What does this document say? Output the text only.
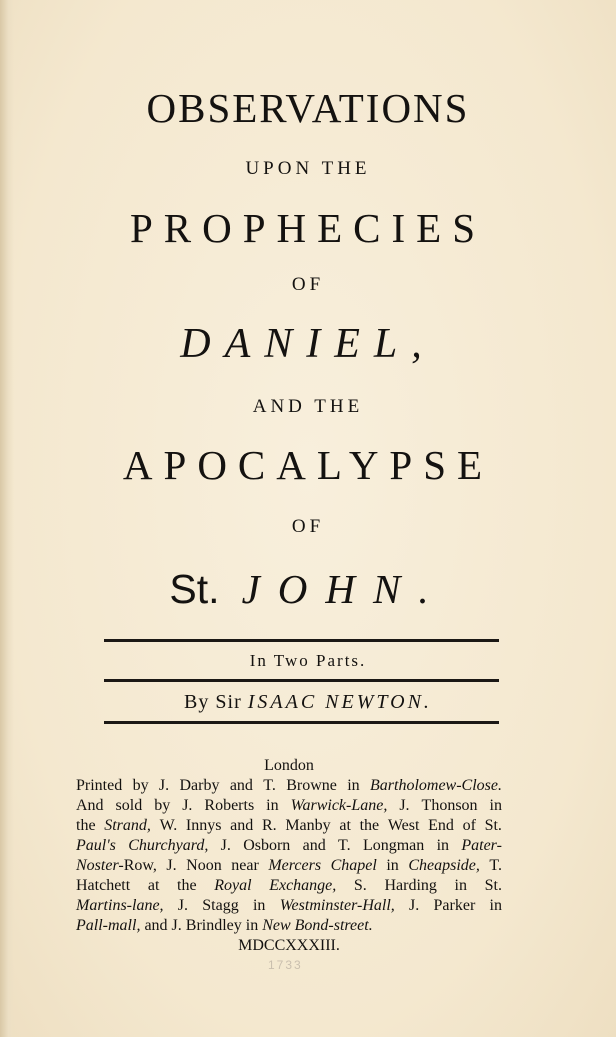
OBSERVATIONS
UPON THE
PROPHECIES
OF
DANIEL,
AND THE
APOCALYPSE
OF
St. JOHN.
In Two Parts.
By Sir ISAAC NEWTON.
London
Printed by J. Darby and T. Browne in Bartholomew-Close.
And sold by J. Roberts in Warwick-Lane, J. Thonson in
the Strand, W. Innys and R. Manby at the West End of St.
Paul's Churchyard, J. Osborn and T. Longman in Pater-
Noster-Row, J. Noon near Mercers Chapel in Cheapside, T.
Hatchett at the Royal Exchange, S. Harding in St.
Martins-lane, J. Stagg in Westminster-Hall, J. Parker in
Pall-mall, and J. Brindley in New Bond-street.
MDCCXXXIII.
1733
